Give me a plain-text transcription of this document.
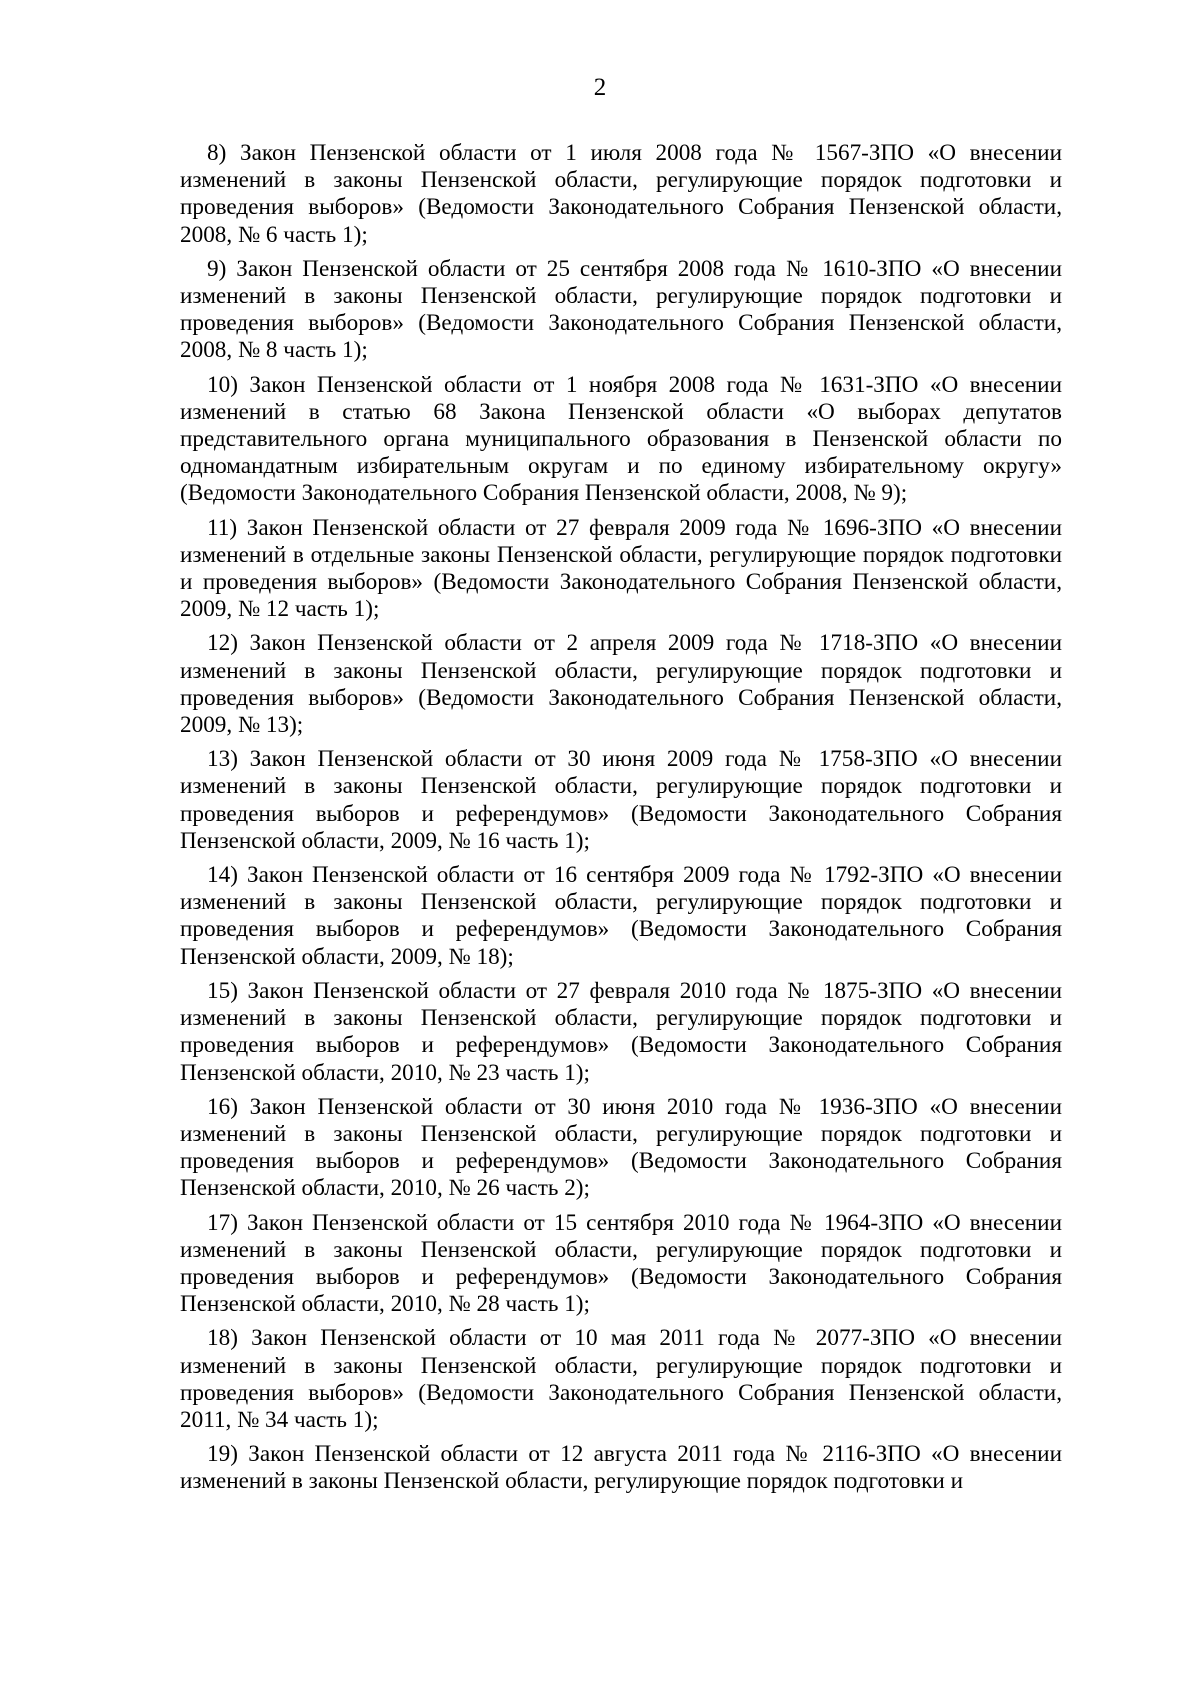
2

8) Закон Пензенской области от 1 июля 2008 года № 1567-ЗПО «О внесении изменений в законы Пензенской области, регулирующие порядок подготовки и проведения выборов» (Ведомости Законодательного Собрания Пензенской области, 2008, № 6 часть 1);

9) Закон Пензенской области от 25 сентября 2008 года № 1610-ЗПО «О внесении изменений в законы Пензенской области, регулирующие порядок подготовки и проведения выборов» (Ведомости Законодательного Собрания Пензенской области, 2008, № 8 часть 1);

10) Закон Пензенской области от 1 ноября 2008 года № 1631-ЗПО «О внесении изменений в статью 68 Закона Пензенской области «О выборах депутатов представительного органа муниципального образования в Пензенской области по одномандатным избирательным округам и по единому избирательному округу» (Ведомости Законодательного Собрания Пензенской области, 2008, № 9);

11) Закон Пензенской области от 27 февраля 2009 года № 1696-ЗПО «О внесении изменений в отдельные законы Пензенской области, регулирующие порядок подготовки и проведения выборов» (Ведомости Законодательного Собрания Пензенской области, 2009, № 12 часть 1);

12) Закон Пензенской области от 2 апреля 2009 года № 1718-ЗПО «О внесении изменений в законы Пензенской области, регулирующие порядок подготовки и проведения выборов» (Ведомости Законодательного Собрания Пензенской области, 2009, № 13);

13) Закон Пензенской области от 30 июня 2009 года № 1758-ЗПО «О внесении изменений в законы Пензенской области, регулирующие порядок подготовки и проведения выборов и референдумов» (Ведомости Законодательного Собрания Пензенской области, 2009, № 16 часть 1);

14) Закон Пензенской области от 16 сентября 2009 года № 1792-ЗПО «О внесении изменений в законы Пензенской области, регулирующие порядок подготовки и проведения выборов и референдумов» (Ведомости Законодательного Собрания Пензенской области, 2009, № 18);

15) Закон Пензенской области от 27 февраля 2010 года № 1875-ЗПО «О внесении изменений в законы Пензенской области, регулирующие порядок подготовки и проведения выборов и референдумов» (Ведомости Законодательного Собрания Пензенской области, 2010, № 23 часть 1);

16) Закон Пензенской области от 30 июня 2010 года № 1936-ЗПО «О внесении изменений в законы Пензенской области, регулирующие порядок подготовки и проведения выборов и референдумов» (Ведомости Законодательного Собрания Пензенской области, 2010, № 26 часть 2);

17) Закон Пензенской области от 15 сентября 2010 года № 1964-ЗПО «О внесении изменений в законы Пензенской области, регулирующие порядок подготовки и проведения выборов и референдумов» (Ведомости Законодательного Собрания Пензенской области, 2010, № 28 часть 1);

18) Закон Пензенской области от 10 мая 2011 года № 2077-ЗПО «О внесении изменений в законы Пензенской области, регулирующие порядок подготовки и проведения выборов» (Ведомости Законодательного Собрания Пензенской области, 2011, № 34 часть 1);

19) Закон Пензенской области от 12 августа 2011 года № 2116-ЗПО «О внесении изменений в законы Пензенской области, регулирующие порядок подготовки и
